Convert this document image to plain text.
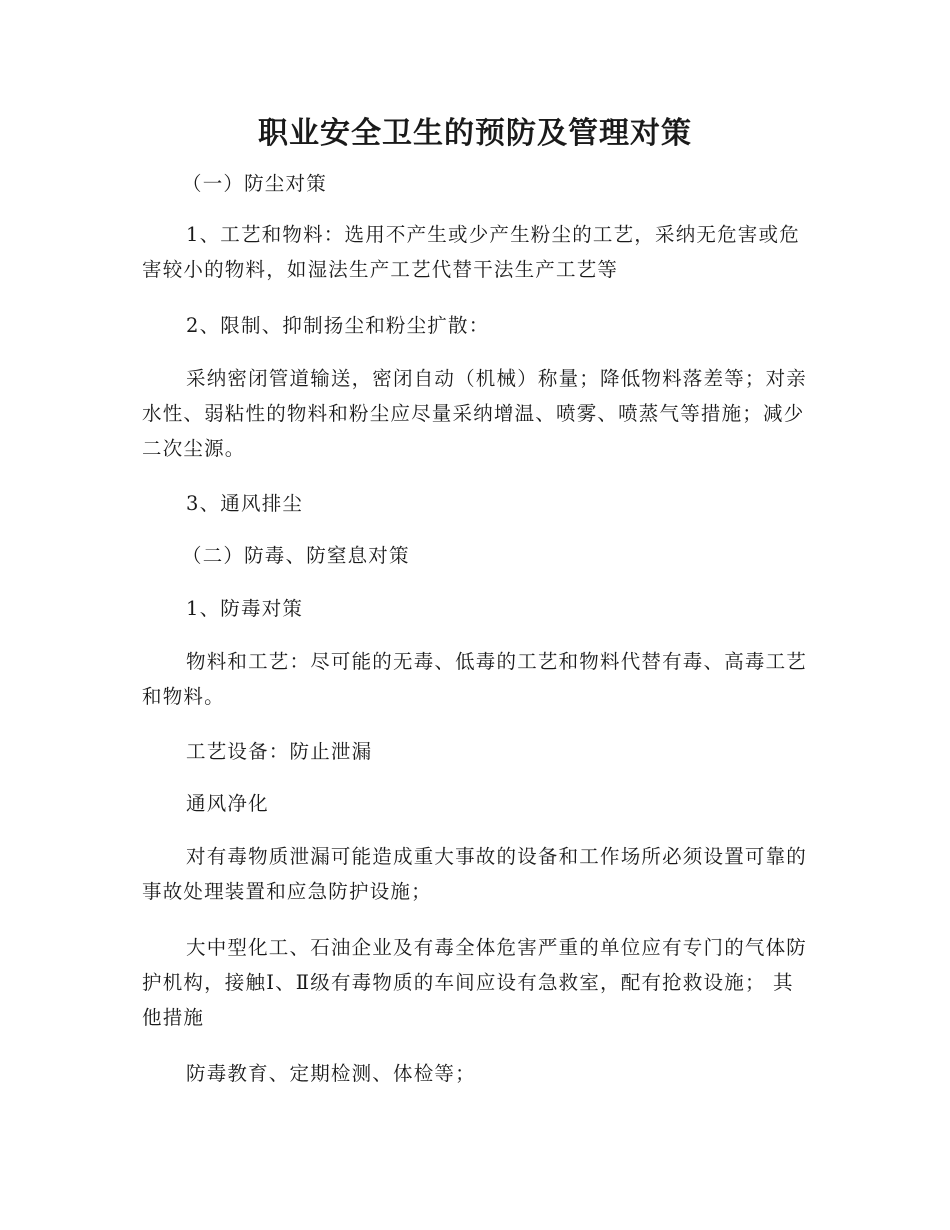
职业安全卫生的预防及管理对策

（一）防尘对策

1、工艺和物料：选用不产生或少产生粉尘的工艺，采纳无危害或危害较小的物料，如湿法生产工艺代替干法生产工艺等

2、限制、抑制扬尘和粉尘扩散：

采纳密闭管道输送，密闭自动（机械）称量；降低物料落差等；对亲水性、弱粘性的物料和粉尘应尽量采纳增温、喷雾、喷蒸气等措施；减少二次尘源。

3、通风排尘

（二）防毒、防窒息对策

1、防毒对策

物料和工艺：尽可能的无毒、低毒的工艺和物料代替有毒、高毒工艺和物料。

工艺设备：防止泄漏

通风净化

对有毒物质泄漏可能造成重大事故的设备和工作场所必须设置可靠的事故处理装置和应急防护设施；

大中型化工、石油企业及有毒全体危害严重的单位应有专门的气体防护机构，接触Ⅰ、Ⅱ级有毒物质的车间应设有急救室，配有抢救设施； 其他措施

防毒教育、定期检测、体检等；
